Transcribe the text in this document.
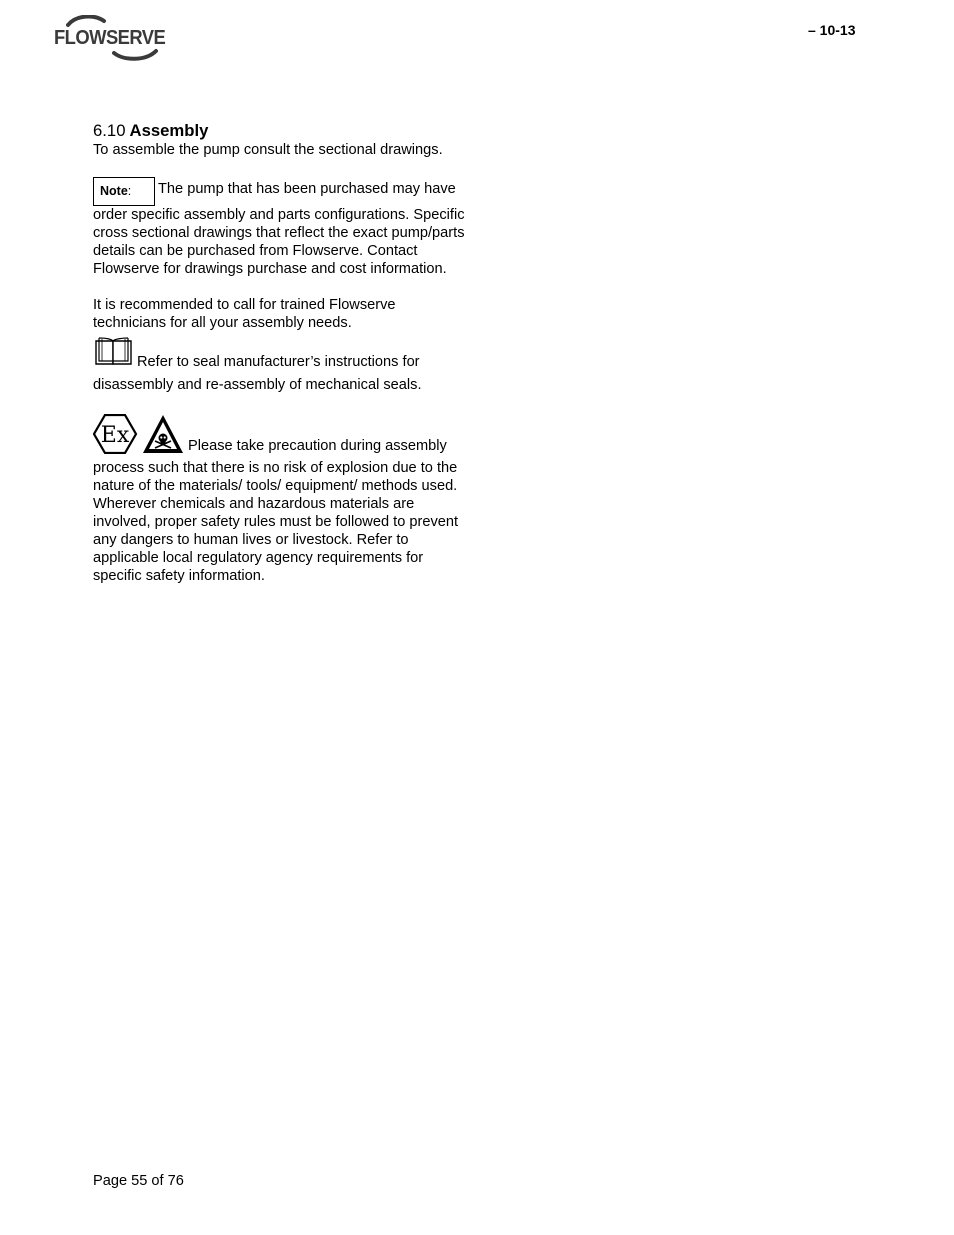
FLOWSERVE	– 10-13
6.10 Assembly

To assemble the pump consult the sectional drawings.

Note: The pump that has been purchased may have order specific assembly and parts configurations. Specific cross sectional drawings that reflect the exact pump/parts details can be purchased from Flowserve. Contact Flowserve for drawings purchase and cost information.

It is recommended to call for trained Flowserve technicians for all your assembly needs.

Refer to seal manufacturer’s instructions for disassembly and re-assembly of mechanical seals.

Ex	Please take precaution during assembly process such that there is no risk of explosion due to the nature of the materials/ tools/ equipment/ methods used. Wherever chemicals and hazardous materials are involved, proper safety rules must be followed to prevent any dangers to human lives or livestock. Refer to applicable local regulatory agency requirements for specific safety information.

Page 55 of 76
